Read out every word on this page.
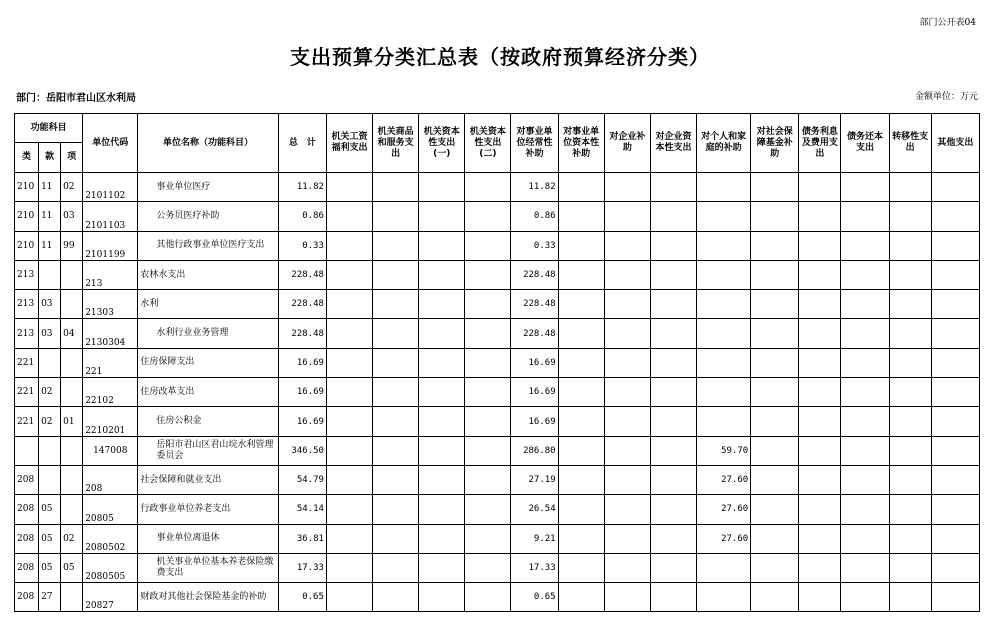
部门公开表04
支出预算分类汇总表（按政府预算经济分类）
部门：岳阳市君山区水利局	金额单位：万元
功能科目			单位代码	单位名称（功能科目）	总　计	机关工资福利支出	机关商品和服务支出	机关资本性支出(一)	机关资本性支出(二)	对事业单位经常性补助	对事业单位资本性补助	对企业补助	对企业资本性支出	对个人和家庭的补助	对社会保障基金补助	债务利息及费用支出	债务还本支出	转移性支出	其他支出
类	款	项																	
210	11	02	2101102	事业单位医疗	11.82					11.82									
210	11	03	2101103	公务员医疗补助	0.86					0.86									
210	11	99	2101199	其他行政事业单位医疗支出	0.33					0.33									
213			213	农林水支出	228.48					228.48									
213	03		21303	水利	228.48					228.48									
213	03	04	2130304	水利行业业务管理	228.48					228.48									
221			221	住房保障支出	16.69					16.69									
221	02		22102	住房改革支出	16.69					16.69									
221	02	01	2210201	住房公积金	16.69					16.69									
			147008	岳阳市君山区君山垸水利管理委员会	346.50					286.80				59.70					
208			208	社会保障和就业支出	54.79					27.19				27.60					
208	05		20805	行政事业单位养老支出	54.14					26.54				27.60					
208	05	02	2080502	事业单位离退休	36.81					9.21				27.60					
208	05	05	2080505	机关事业单位基本养老保险缴费支出	17.33					17.33									
208	27		20827	财政对其他社会保险基金的补助	0.65					0.65									
